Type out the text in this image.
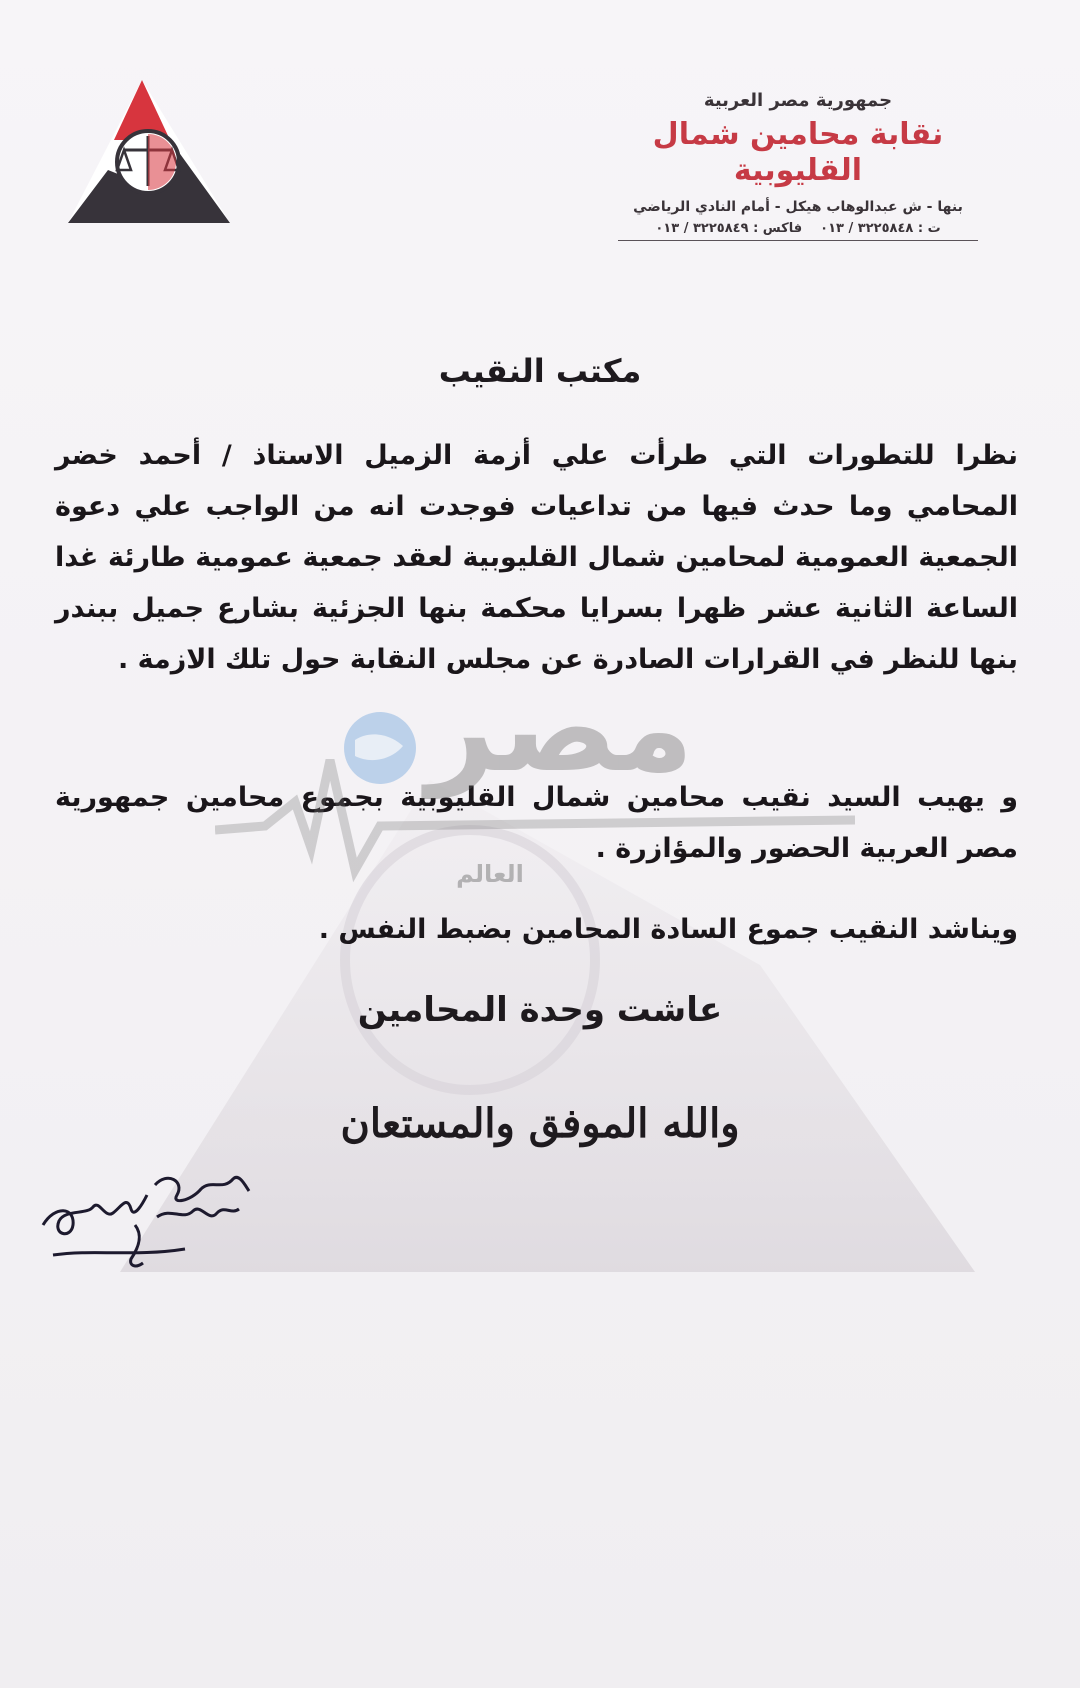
جمهورية مصر العربية
نقابة محامين شمال القليوبية
بنها - ش عبدالوهاب هيكل - أمام النادي الرياضي
ت : ٣٢٢٥٨٤٨ / ٠١٣
فاكس : ٣٢٢٥٨٤٩ / ٠١٣
مكتب النقيب
نظرا للتطورات التي طرأت علي أزمة الزميل الاستاذ / أحمد خضر المحامي وما حدث فيها من تداعيات فوجدت انه من الواجب علي دعوة الجمعية العمومية لمحامين شمال القليوبية لعقد جمعية عمومية طارئة غدا الساعة الثانية عشر ظهرا بسرايا محكمة بنها الجزئية بشارع جميل ببندر بنها للنظر في القرارات الصادرة عن مجلس النقابة حول تلك الازمة .
و يهيب السيد نقيب محامين شمال القليوبية بجموع محامين جمهورية مصر العربية الحضور والمؤازرة .
ويناشد النقيب جموع السادة المحامين بضبط النفس .
عاشت وحدة المحامين
والله الموفق والمستعان
مصر
العالم
